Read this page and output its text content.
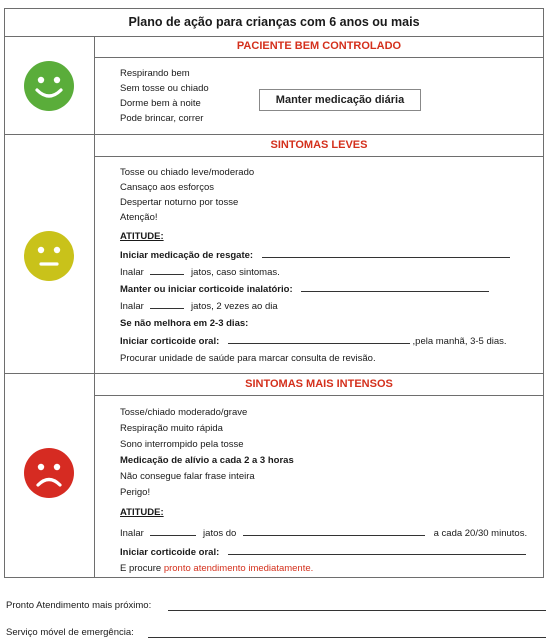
Plano de ação para crianças com 6 anos ou mais
PACIENTE BEM CONTROLADO
Respirando bem
Sem tosse ou chiado
Dorme bem à noite
Pode brincar, correr
Manter medicação diária
SINTOMAS LEVES
Tosse ou chiado leve/moderado
Cansaço aos esforços
Despertar noturno por tosse
Atenção!
ATITUDE:
Iniciar medicação de resgate:
Inalar	jatos, caso sintomas.
Manter ou iniciar corticoide inalatório:
Inalar	jatos, 2 vezes ao dia
Se não melhora em 2-3 dias:
Iniciar corticoide oral:	,pela manhã, 3-5 dias.
Procurar unidade de saúde para marcar consulta de revisão.
SINTOMAS MAIS INTENSOS
Tosse/chiado moderado/grave
Respiração muito rápida
Sono interrompido pela tosse
Medicação de alívio a cada 2 a 3 horas
Não consegue falar frase inteira
Perigo!
ATITUDE:
Inalar	jatos do	a cada 20/30 minutos.
Iniciar corticoide oral:
E procure pronto atendimento imediatamente.
Pronto Atendimento mais próximo:
Serviço móvel de emergência:
